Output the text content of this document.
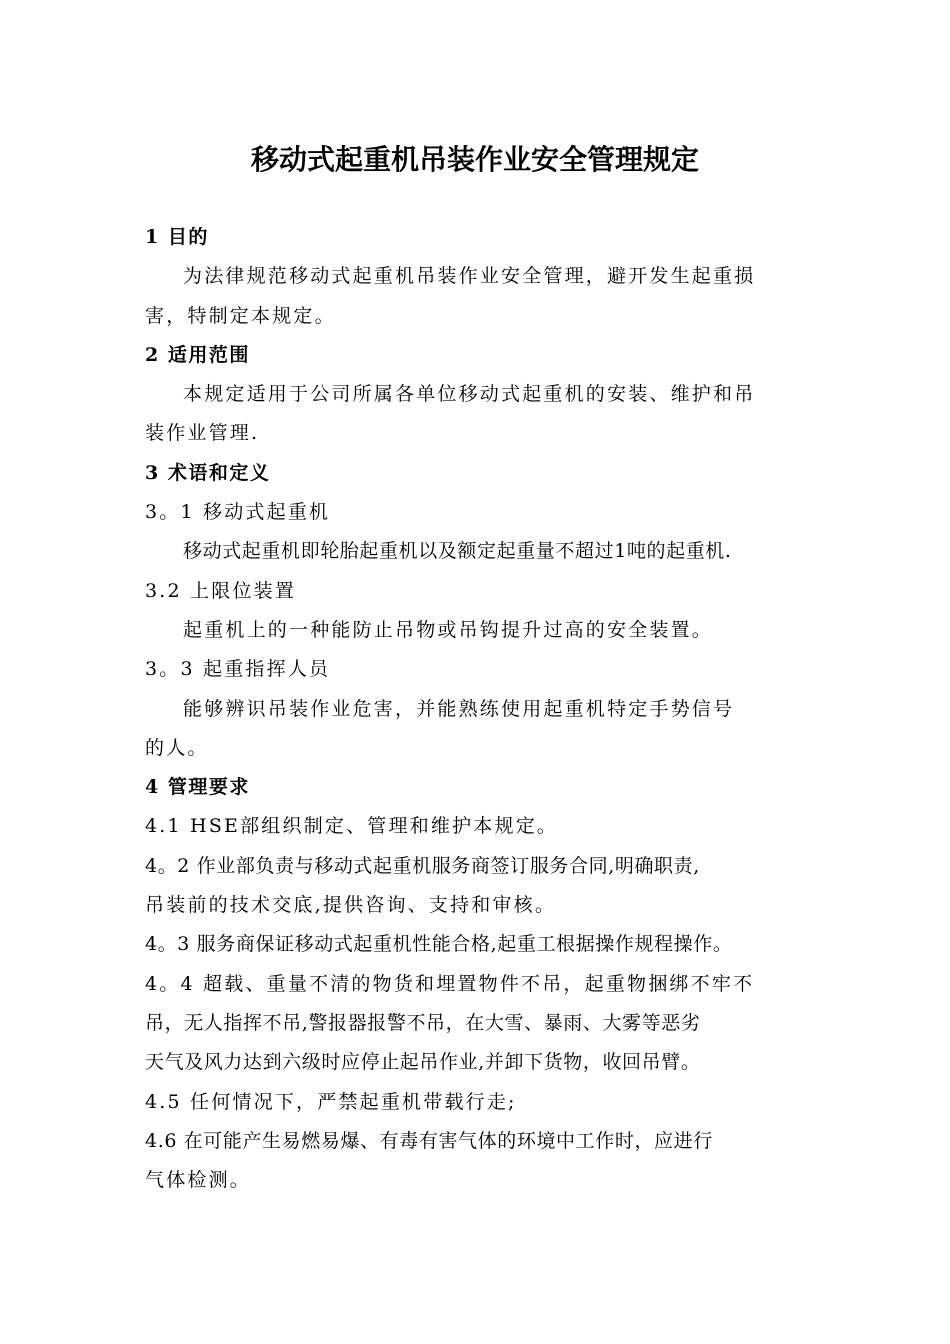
移动式起重机吊装作业安全管理规定
1 目的
为法律规范移动式起重机吊装作业安全管理，避开发生起重损
害，特制定本规定。
2 适用范围
本规定适用于公司所属各单位移动式起重机的安装、维护和吊
装作业管理.
3 术语和定义
3。1 移动式起重机
移动式起重机即轮胎起重机以及额定起重量不超过1吨的起重机.
3.2 上限位装置
起重机上的一种能防止吊物或吊钩提升过高的安全装置。
3。3 起重指挥人员
能够辨识吊装作业危害，并能熟练使用起重机特定手势信号
的人。
4 管理要求
4.1 HSE部组织制定、管理和维护本规定。
4。2 作业部负责与移动式起重机服务商签订服务合同,明确职责,
吊装前的技术交底,提供咨询、支持和审核。
4。3 服务商保证移动式起重机性能合格,起重工根据操作规程操作。
4。4 超载、重量不清的物货和埋置物件不吊，起重物捆绑不牢不
吊，无人指挥不吊,警报器报警不吊，在大雪、暴雨、大雾等恶劣
天气及风力达到六级时应停止起吊作业,并卸下货物，收回吊臂。
4.5 任何情况下，严禁起重机带载行走;
4.6 在可能产生易燃易爆、有毒有害气体的环境中工作时，应进行
气体检测。
